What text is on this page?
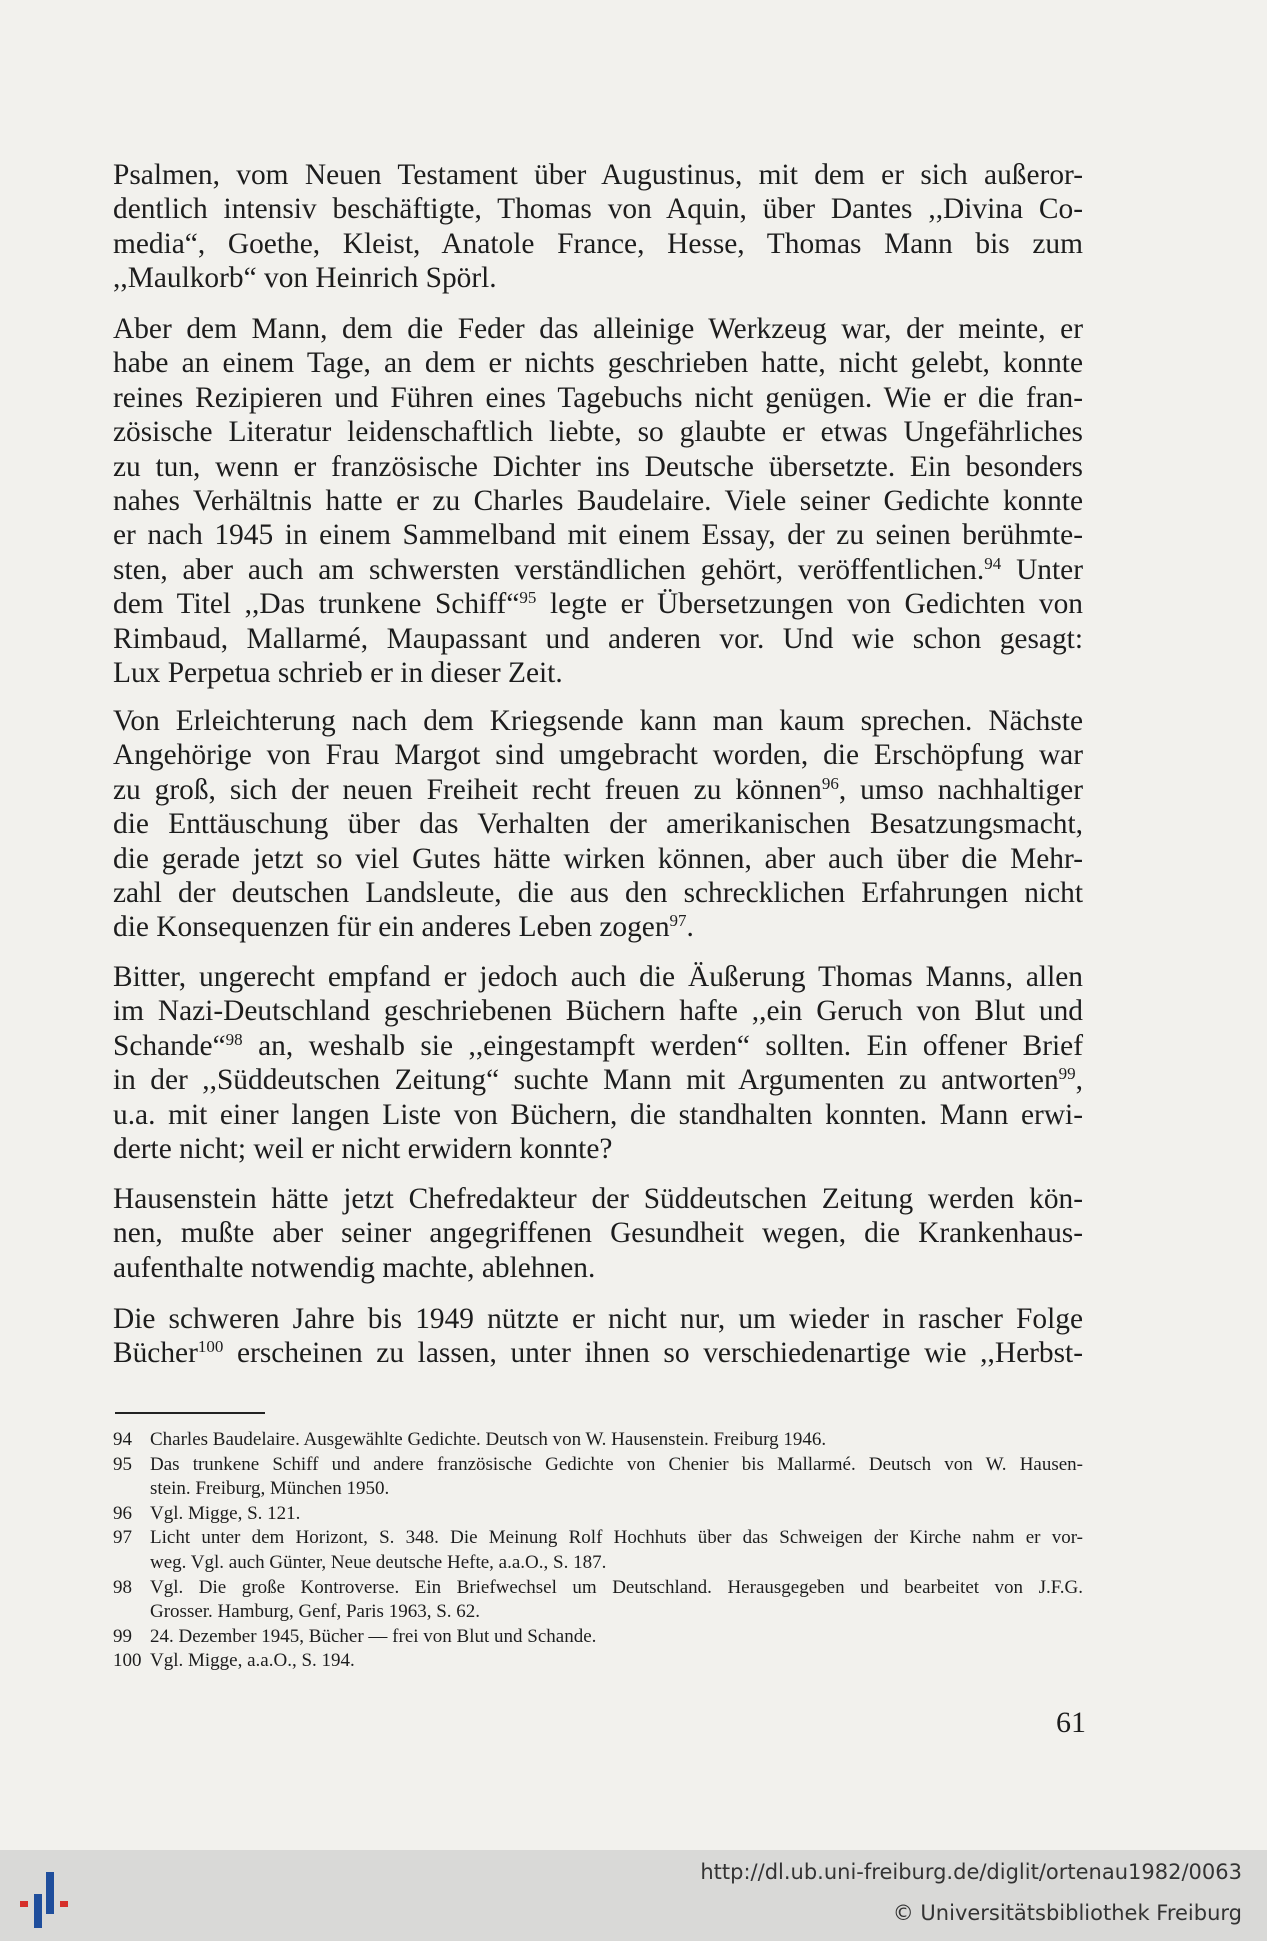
Psalmen, vom Neuen Testament über Augustinus, mit dem er sich außeror-
dentlich intensiv beschäftigte, Thomas von Aquin, über Dantes ,,Divina Co-
media“, Goethe, Kleist, Anatole France, Hesse, Thomas Mann bis zum
,,Maulkorb“ von Heinrich Spörl.

Aber dem Mann, dem die Feder das alleinige Werkzeug war, der meinte, er
habe an einem Tage, an dem er nichts geschrieben hatte, nicht gelebt, konnte
reines Rezipieren und Führen eines Tagebuchs nicht genügen. Wie er die fran-
zösische Literatur leidenschaftlich liebte, so glaubte er etwas Ungefährliches
zu tun, wenn er französische Dichter ins Deutsche übersetzte. Ein besonders
nahes Verhältnis hatte er zu Charles Baudelaire. Viele seiner Gedichte konnte
er nach 1945 in einem Sammelband mit einem Essay, der zu seinen berühmte-
sten, aber auch am schwersten verständlichen gehört, veröffentlichen.$^{94}$ Unter
dem Titel ,,Das trunkene Schiff“$^{95}$ legte er Übersetzungen von Gedichten von
Rimbaud, Mallarmé, Maupassant und anderen vor. Und wie schon gesagt:
Lux Perpetua schrieb er in dieser Zeit.

Von Erleichterung nach dem Kriegsende kann man kaum sprechen. Nächste
Angehörige von Frau Margot sind umgebracht worden, die Erschöpfung war
zu groß, sich der neuen Freiheit recht freuen zu können$^{96}$, umso nachhaltiger
die Enttäuschung über das Verhalten der amerikanischen Besatzungsmacht,
die gerade jetzt so viel Gutes hätte wirken können, aber auch über die Mehr-
zahl der deutschen Landsleute, die aus den schrecklichen Erfahrungen nicht
die Konsequenzen für ein anderes Leben zogen$^{97}$.

Bitter, ungerecht empfand er jedoch auch die Äußerung Thomas Manns, allen
im Nazi-Deutschland geschriebenen Büchern hafte ,,ein Geruch von Blut und
Schande“$^{98}$ an, weshalb sie ,,eingestampft werden“ sollten. Ein offener Brief
in der ,,Süddeutschen Zeitung“ suchte Mann mit Argumenten zu antworten$^{99}$,
u.a. mit einer langen Liste von Büchern, die standhalten konnten. Mann erwi-
derte nicht; weil er nicht erwidern konnte?

Hausenstein hätte jetzt Chefredakteur der Süddeutschen Zeitung werden kön-
nen, mußte aber seiner angegriffenen Gesundheit wegen, die Krankenhaus-
aufenthalte notwendig machte, ablehnen.

Die schweren Jahre bis 1949 nützte er nicht nur, um wieder in rascher Folge
Bücher$^{100}$ erscheinen zu lassen, unter ihnen so verschiedenartige wie ,,Herbst-

94 Charles Baudelaire. Ausgewählte Gedichte. Deutsch von W. Hausenstein. Freiburg 1946.
95 Das trunkene Schiff und andere französische Gedichte von Chenier bis Mallarmé. Deutsch von W. Hausen-
stein. Freiburg, München 1950.
96 Vgl. Migge, S. 121.
97 Licht unter dem Horizont, S. 348. Die Meinung Rolf Hochhuts über das Schweigen der Kirche nahm er vor-
weg. Vgl. auch Günter, Neue deutsche Hefte, a.a.O., S. 187.
98 Vgl. Die große Kontroverse. Ein Briefwechsel um Deutschland. Herausgegeben und bearbeitet von J.F.G.
Grosser. Hamburg, Genf, Paris 1963, S. 62.
99 24. Dezember 1945, Bücher — frei von Blut und Schande.
100 Vgl. Migge, a.a.O., S. 194.
61
http://dl.ub.uni-freiburg.de/diglit/ortenau1982/0063
© Universitätsbibliothek Freiburg
